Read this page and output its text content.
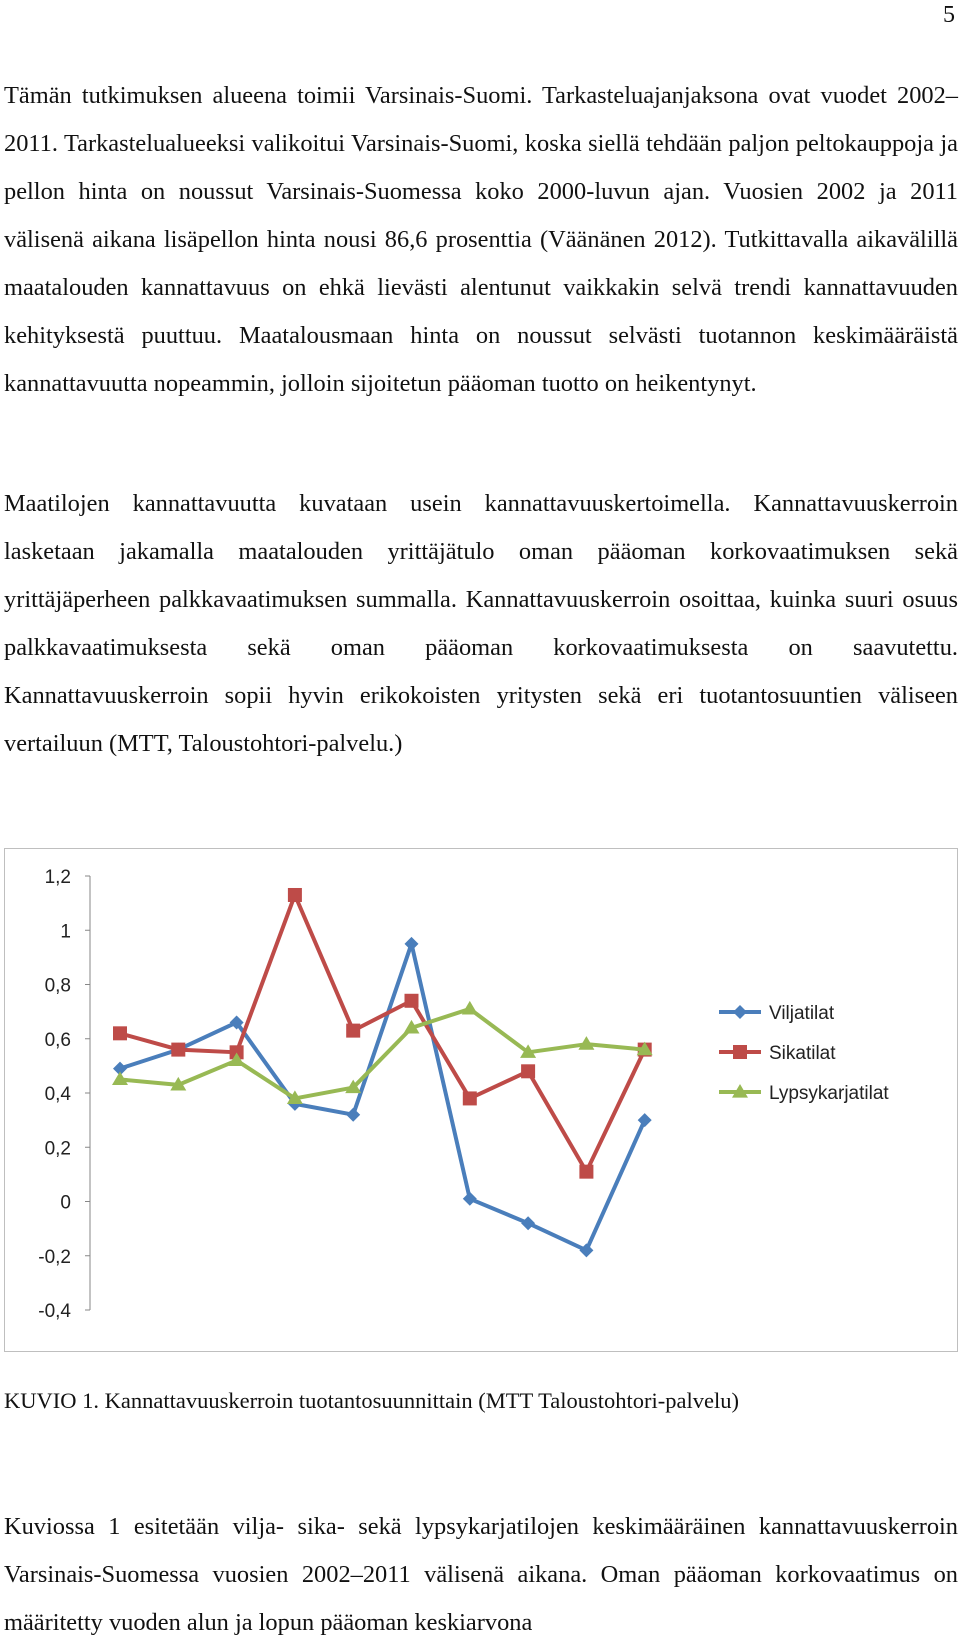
5

Tämän tutkimuksen alueena toimii Varsinais-Suomi. Tarkasteluajanjaksona ovat vuodet 2002–2011. Tarkastelualueeksi valikoitui Varsinais-Suomi, koska siellä tehdään paljon peltokauppoja ja pellon hinta on noussut Varsinais-Suomessa koko 2000-luvun ajan. Vuosien 2002 ja 2011 välisenä aikana lisäpellon hinta nousi 86,6 prosenttia (Väänänen 2012). Tutkittavalla aikavälillä maatalouden kannattavuus on ehkä lievästi alentunut vaikkakin selvä trendi kannattavuuden kehityksestä puuttuu. Maatalousmaan hinta on noussut selvästi tuotannon keskimääräistä kannattavuutta nopeammin, jolloin sijoitetun pääoman tuotto on heikentynyt.

Maatilojen kannattavuutta kuvataan usein kannattavuuskertoimella. Kannattavuuskerroin lasketaan jakamalla maatalouden yrittäjätulo oman pääoman korkovaatimuksen sekä yrittäjäperheen palkkavaatimuksen summalla. Kannattavuuskerroin osoittaa, kuinka suuri osuus palkkavaatimuksesta sekä oman pääoman korkovaatimuksesta on saavutettu. Kannattavuuskerroin sopii hyvin erikokoisten yritysten sekä eri tuotantosuuntien väliseen vertailuun (MTT, Taloustohtori-palvelu.)

1,2
1
0,8
0,6
0,4
0,2
0
-0,2
-0,4
Viljatilat
Sikatilat
Lypsykarjatilat

KUVIO 1. Kannattavuuskerroin tuotantosuunnittain (MTT Taloustohtori-palvelu)

Kuviossa 1 esitetään vilja- sika- sekä lypsykarjatilojen keskimääräinen kannattavuuskerroin Varsinais-Suomessa vuosien 2002–2011 välisenä aikana. Oman pääoman korkovaatimus on määritetty vuoden alun ja lopun pääoman keskiarvona
